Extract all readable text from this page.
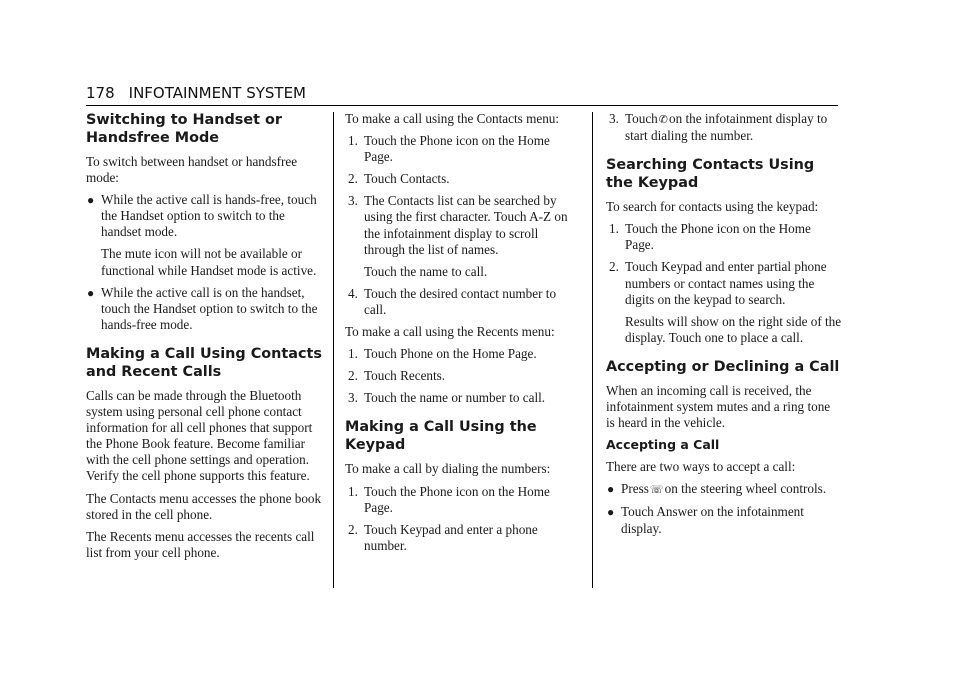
178 INFOTAINMENT SYSTEM
Switching to Handset or Handsfree Mode

To switch between handset or handsfree mode:

● While the active call is hands-free, touch the Handset option to switch to the handset mode.
The mute icon will not be available or functional while Handset mode is active.
● While the active call is on the handset, touch the Handset option to switch to the hands-free mode.
Making a Call Using Contacts and Recent Calls

Calls can be made through the Bluetooth system using personal cell phone contact information for all cell phones that support the Phone Book feature. Become familiar with the cell phone settings and operation. Verify the cell phone supports this feature.

The Contacts menu accesses the phone book stored in the cell phone.

The Recents menu accesses the recents call list from your cell phone.

To make a call using the Contacts menu:

1. Touch the Phone icon on the Home Page.
2. Touch Contacts.
3. The Contacts list can be searched by using the first character. Touch A-Z on the infotainment display to scroll through the list of names.
Touch the name to call.
4. Touch the desired contact number to call.

To make a call using the Recents menu:

1. Touch Phone on the Home Page.
2. Touch Recents.
3. Touch the name or number to call.
Making a Call Using the Keypad

To make a call by dialing the numbers:

1. Touch the Phone icon on the Home Page.
2. Touch Keypad and enter a phone number.
3. Touch✆on the infotainment display to start dialing the number.
Searching Contacts Using the Keypad

To search for contacts using the keypad:

1. Touch the Phone icon on the Home Page.
2. Touch Keypad and enter partial phone numbers or contact names using the digits on the keypad to search.
Results will show on the right side of the display. Touch one to place a call.
Accepting or Declining a Call

When an incoming call is received, the infotainment system mutes and a ring tone is heard in the vehicle.

Accepting a Call

There are two ways to accept a call:

● Press☏on the steering wheel controls.
● Touch Answer on the infotainment display.
